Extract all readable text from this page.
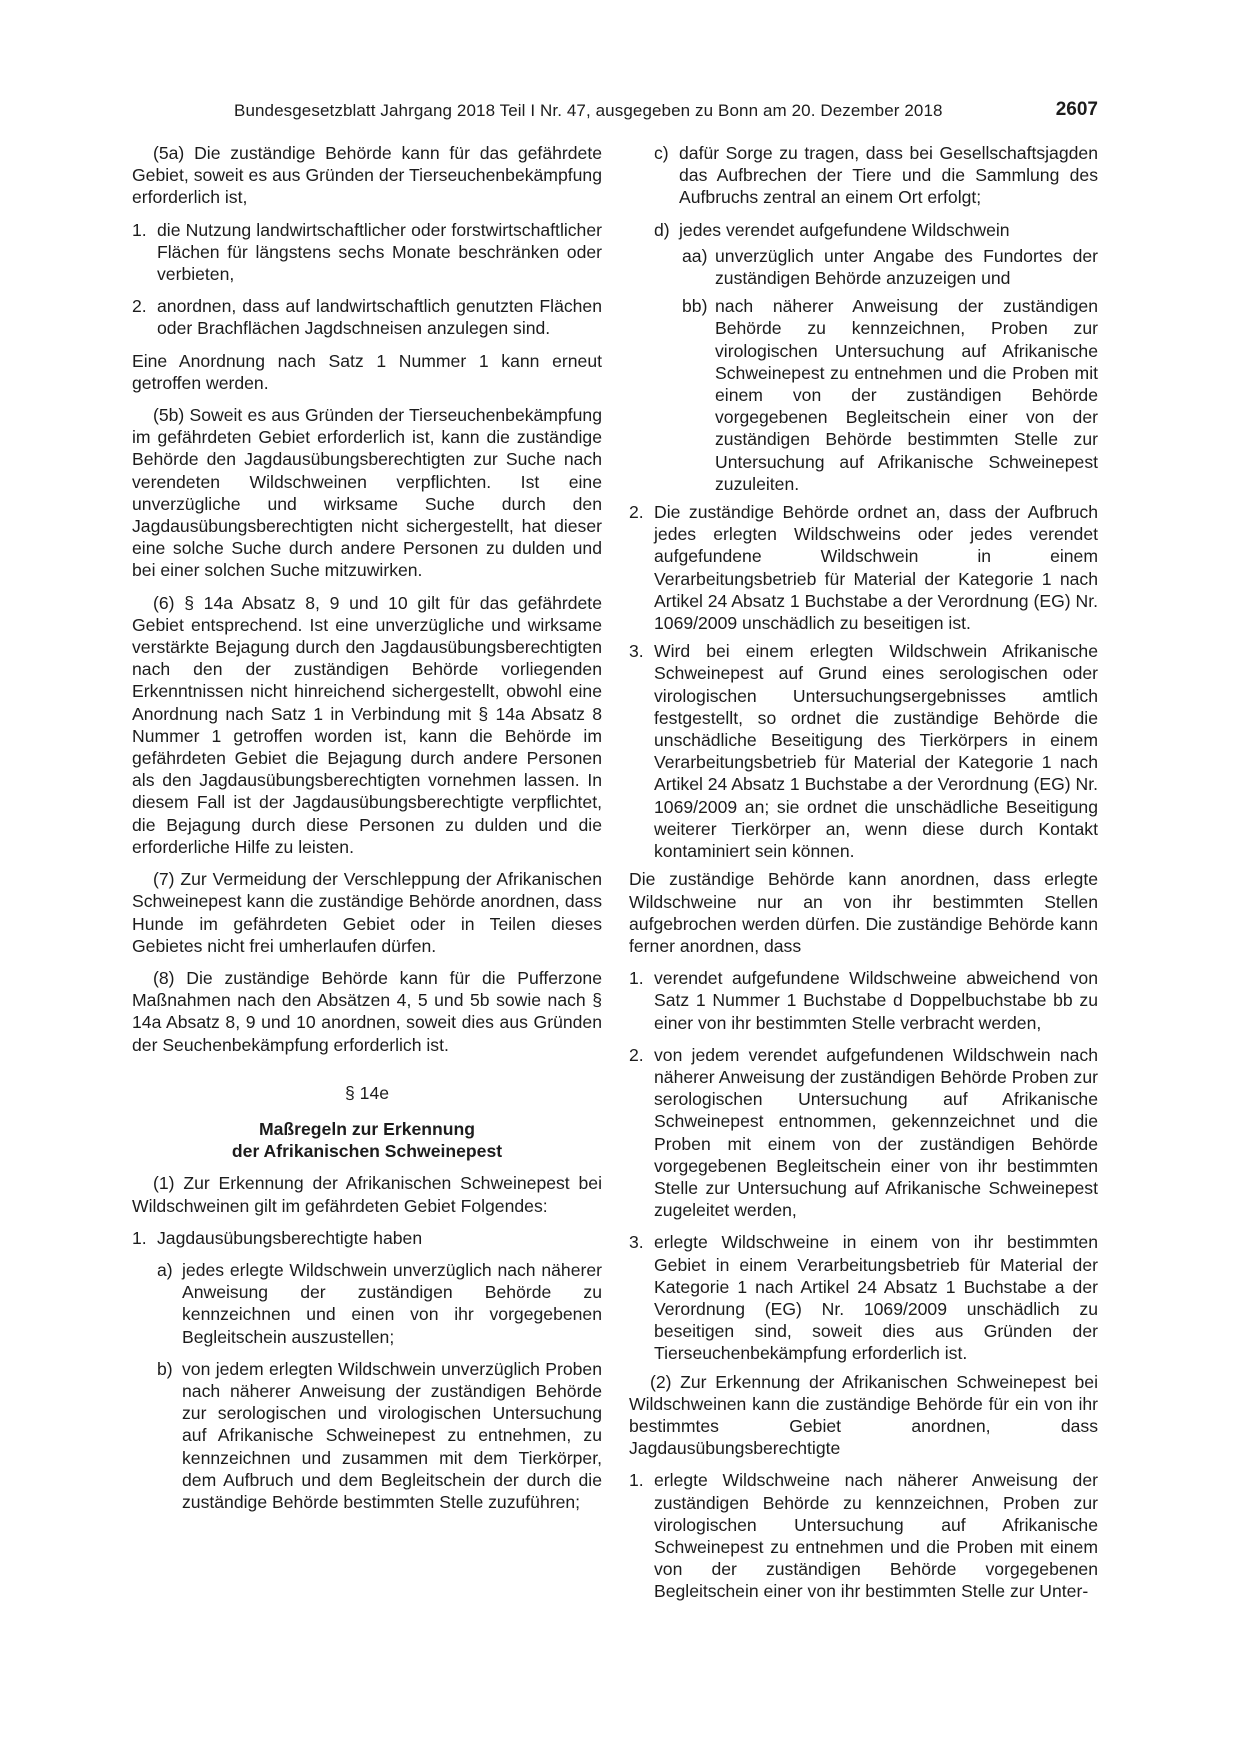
Bundesgesetzblatt Jahrgang 2018 Teil I Nr. 47, ausgegeben zu Bonn am 20. Dezember 2018	2607

(5a) Die zuständige Behörde kann für das gefährdete Gebiet, soweit es aus Gründen der Tierseuchenbekämpfung erforderlich ist,

1. die Nutzung landwirtschaftlicher oder forstwirtschaftlicher Flächen für längstens sechs Monate beschränken oder verbieten,
2. anordnen, dass auf landwirtschaftlich genutzten Flächen oder Brachflächen Jagdschneisen anzulegen sind.

Eine Anordnung nach Satz 1 Nummer 1 kann erneut getroffen werden.

(5b) Soweit es aus Gründen der Tierseuchenbekämpfung im gefährdeten Gebiet erforderlich ist, kann die zuständige Behörde den Jagdausübungsberechtigten zur Suche nach verendeten Wildschweinen verpflichten. Ist eine unverzügliche und wirksame Suche durch den Jagdausübungsberechtigten nicht sichergestellt, hat dieser eine solche Suche durch andere Personen zu dulden und bei einer solchen Suche mitzuwirken.

(6) § 14a Absatz 8, 9 und 10 gilt für das gefährdete Gebiet entsprechend. Ist eine unverzügliche und wirksame verstärkte Bejagung durch den Jagdausübungsberechtigten nach den der zuständigen Behörde vorliegenden Erkenntnissen nicht hinreichend sichergestellt, obwohl eine Anordnung nach Satz 1 in Verbindung mit § 14a Absatz 8 Nummer 1 getroffen worden ist, kann die Behörde im gefährdeten Gebiet die Bejagung durch andere Personen als den Jagdausübungsberechtigten vornehmen lassen. In diesem Fall ist der Jagdausübungsberechtigte verpflichtet, die Bejagung durch diese Personen zu dulden und die erforderliche Hilfe zu leisten.

(7) Zur Vermeidung der Verschleppung der Afrikanischen Schweinepest kann die zuständige Behörde anordnen, dass Hunde im gefährdeten Gebiet oder in Teilen dieses Gebietes nicht frei umherlaufen dürfen.

(8) Die zuständige Behörde kann für die Pufferzone Maßnahmen nach den Absätzen 4, 5 und 5b sowie nach § 14a Absatz 8, 9 und 10 anordnen, soweit dies aus Gründen der Seuchenbekämpfung erforderlich ist.

§ 14e
Maßregeln zur Erkennung
der Afrikanischen Schweinepest

(1) Zur Erkennung der Afrikanischen Schweinepest bei Wildschweinen gilt im gefährdeten Gebiet Folgendes:

1. Jagdausübungsberechtigte haben
a) jedes erlegte Wildschwein unverzüglich nach näherer Anweisung der zuständigen Behörde zu kennzeichnen und einen von ihr vorgegebenen Begleitschein auszustellen;
b) von jedem erlegten Wildschwein unverzüglich Proben nach näherer Anweisung der zuständigen Behörde zur serologischen und virologischen Untersuchung auf Afrikanische Schweinepest zu entnehmen, zu kennzeichnen und zusammen mit dem Tierkörper, dem Aufbruch und dem Begleitschein der durch die zuständige Behörde bestimmten Stelle zuzuführen;
c) dafür Sorge zu tragen, dass bei Gesellschaftsjagden das Aufbrechen der Tiere und die Sammlung des Aufbruchs zentral an einem Ort erfolgt;
d) jedes verendet aufgefundene Wildschwein
aa) unverzüglich unter Angabe des Fundortes der zuständigen Behörde anzuzeigen und
bb) nach näherer Anweisung der zuständigen Behörde zu kennzeichnen, Proben zur virologischen Untersuchung auf Afrikanische Schweinepest zu entnehmen und die Proben mit einem von der zuständigen Behörde vorgegebenen Begleitschein einer von der zuständigen Behörde bestimmten Stelle zur Untersuchung auf Afrikanische Schweinepest zuzuleiten.
2. Die zuständige Behörde ordnet an, dass der Aufbruch jedes erlegten Wildschweins oder jedes verendet aufgefundene Wildschwein in einem Verarbeitungsbetrieb für Material der Kategorie 1 nach Artikel 24 Absatz 1 Buchstabe a der Verordnung (EG) Nr. 1069/2009 unschädlich zu beseitigen ist.
3. Wird bei einem erlegten Wildschwein Afrikanische Schweinepest auf Grund eines serologischen oder virologischen Untersuchungsergebnisses amtlich festgestellt, so ordnet die zuständige Behörde die unschädliche Beseitigung des Tierkörpers in einem Verarbeitungsbetrieb für Material der Kategorie 1 nach Artikel 24 Absatz 1 Buchstabe a der Verordnung (EG) Nr. 1069/2009 an; sie ordnet die unschädliche Beseitigung weiterer Tierkörper an, wenn diese durch Kontakt kontaminiert sein können.

Die zuständige Behörde kann anordnen, dass erlegte Wildschweine nur an von ihr bestimmten Stellen aufgebrochen werden dürfen. Die zuständige Behörde kann ferner anordnen, dass

1. verendet aufgefundene Wildschweine abweichend von Satz 1 Nummer 1 Buchstabe d Doppelbuchstabe bb zu einer von ihr bestimmten Stelle verbracht werden,
2. von jedem verendet aufgefundenen Wildschwein nach näherer Anweisung der zuständigen Behörde Proben zur serologischen Untersuchung auf Afrikanische Schweinepest entnommen, gekennzeichnet und die Proben mit einem von der zuständigen Behörde vorgegebenen Begleitschein einer von ihr bestimmten Stelle zur Untersuchung auf Afrikanische Schweinepest zugeleitet werden,
3. erlegte Wildschweine in einem von ihr bestimmten Gebiet in einem Verarbeitungsbetrieb für Material der Kategorie 1 nach Artikel 24 Absatz 1 Buchstabe a der Verordnung (EG) Nr. 1069/2009 unschädlich zu beseitigen sind, soweit dies aus Gründen der Tierseuchenbekämpfung erforderlich ist.

(2) Zur Erkennung der Afrikanischen Schweinepest bei Wildschweinen kann die zuständige Behörde für ein von ihr bestimmtes Gebiet anordnen, dass Jagdausübungsberechtigte

1. erlegte Wildschweine nach näherer Anweisung der zuständigen Behörde zu kennzeichnen, Proben zur virologischen Untersuchung auf Afrikanische Schweinepest zu entnehmen und die Proben mit einem von der zuständigen Behörde vorgegebenen Begleitschein einer von ihr bestimmten Stelle zur Unter-
